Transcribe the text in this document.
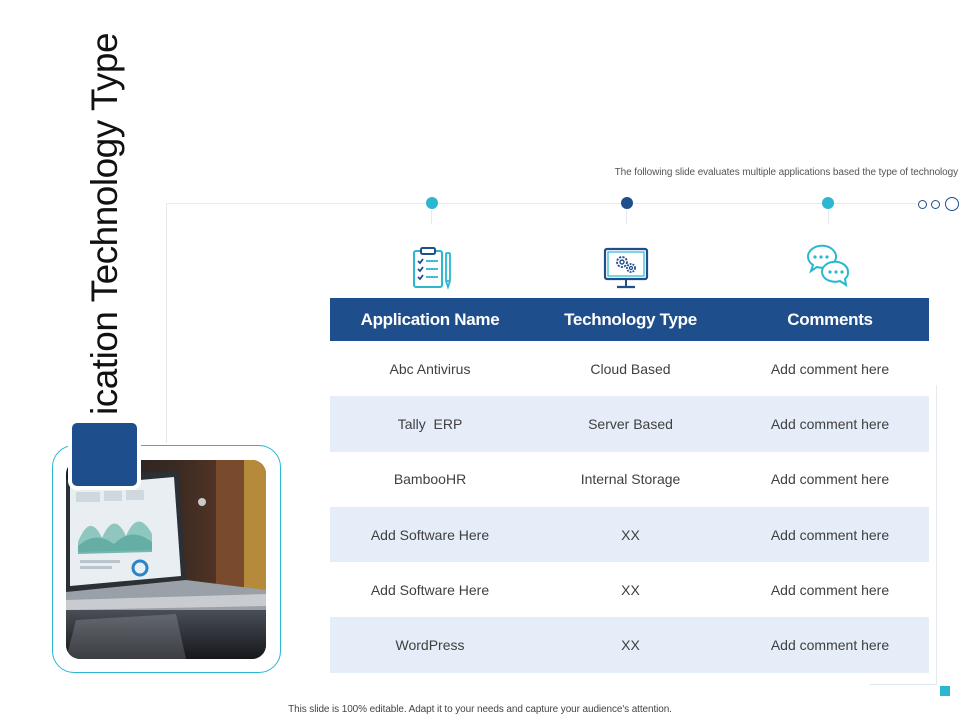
ication Technology Type	The following slide evaluates multiple applications based the type of technology
Application Name	Technology Type	Comments
Abc Antivirus	Cloud Based	Add comment here
Tally  ERP	Server Based	Add comment here
BambooHR	Internal Storage	Add comment here
Add Software Here	XX	Add comment here
Add Software Here	XX	Add comment here
WordPress	XX	Add comment here
This slide is 100% editable. Adapt it to your needs and capture your audience's attention.
